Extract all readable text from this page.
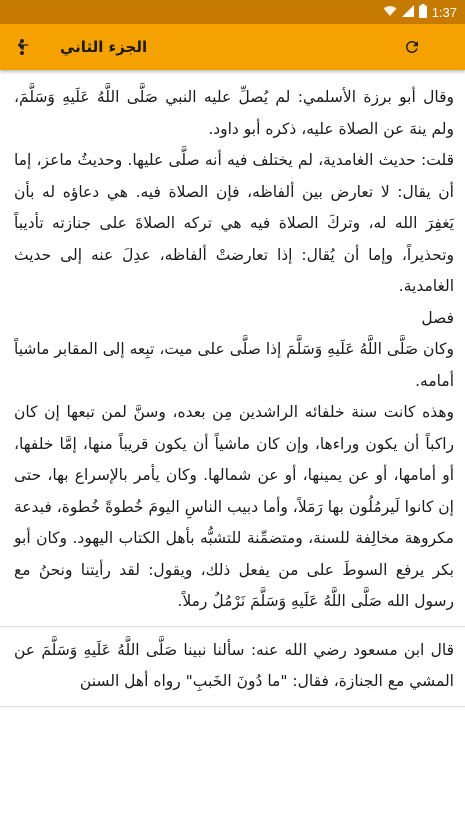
1:37
الجزء الثاني

وقال أبو برزة الأسلمي: لم يُصلِّ عليه النبي صَلَّى اللَّهُ عَلَيهِ وَسَلَّمَ، ولم ينهَ عن الصلاة عليه، ذكره أبو داود.

قلت: حديث الغامدية، لم يختلف فيه أنه صلَّى عليها. وحديثُ ماعز، إما أن يقال: لا تعارض بين ألفاظه، فإن الصلاة فيه. هي دعاؤه له بأن يَغفِرَ الله له، وتركَ الصلاة فيه هي تركه الصلاةَ على جنازته تأديباً وتحذيراً، وإما أن يُقال: إذا تعارضتْ ألفاظه، عدِلَ عنه إلى حديث الغامدية.

فصل

وكان صَلَّى اللَّهُ عَلَيهِ وَسَلَّمَ إذا صلَّى على ميت، تبِعه إلى المقابر ماشياً أمامه.

وهذه كانت سنة خلفائه الراشدين مِن بعده، وسنَّ لمن تبعها إن كان راكباً أن يكون وراءها، وإن كان ماشياً أن يكون قريباً منها، إمَّا خلفها، أو أمامها، أو عن يمينها، أو عن شمالها. وكان يأمر بالإسراع بها، حتى إن كانوا لَيرمُلُون بها رَمَلاً، وأما دبيب الناسِ اليومَ خُطوةً خُطوة، فبدعة مكروهة مخالِفة للسنة، ومتضمِّنة للتشبُّه بأهل الكتاب اليهود. وكان أبو بكر يرفع السوطَ على من يفعل ذلك، ويقول: لقد رأيتنا ونحنُ مع رسول الله صَلَّى اللَّهُ عَلَيهِ وَسَلَّمَ نَرْمُلُ رملاً.

قال ابن مسعود رضي الله عنه: سألنا نبينا صَلَّى اللَّهُ عَلَيهِ وَسَلَّمَ عن المشي مع الجنازة، فقال: "ما دُونَ الخَببِ" رواه أهل السنن
